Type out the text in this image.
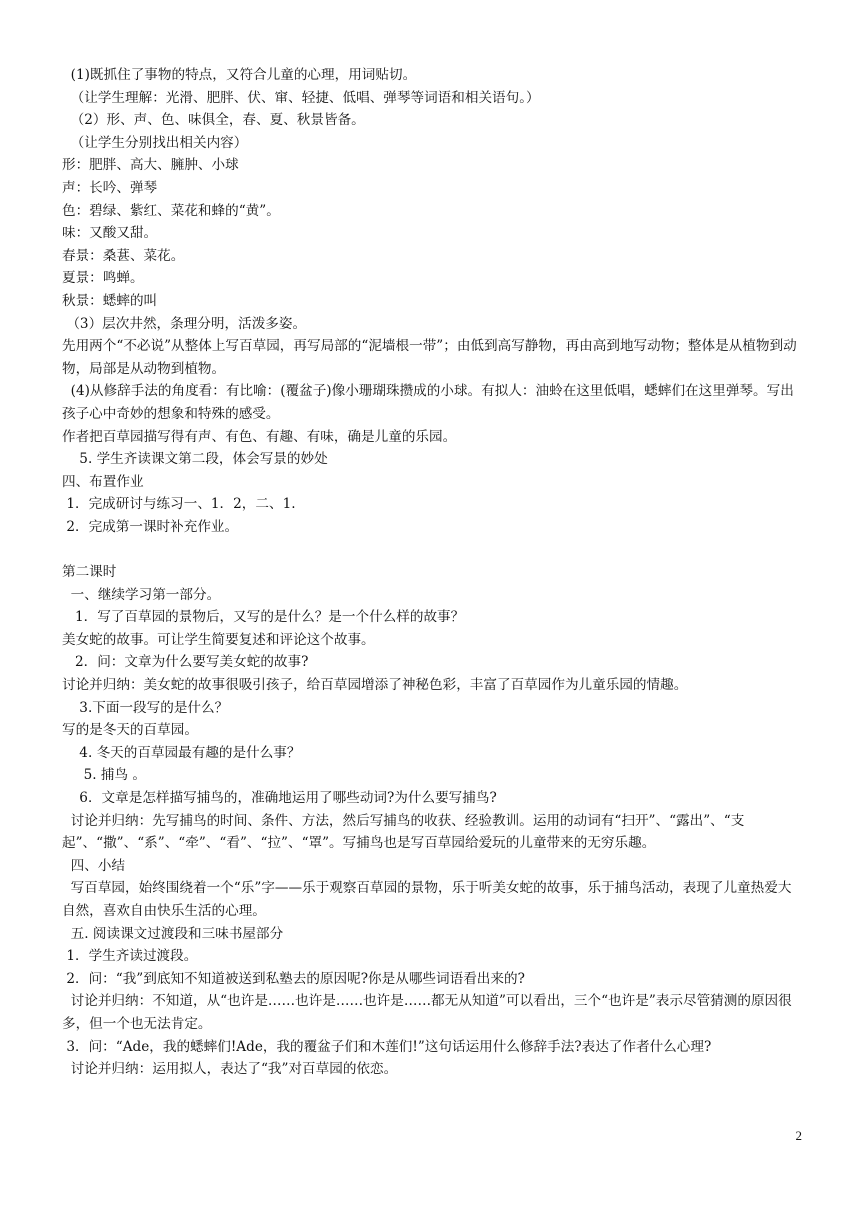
(1)既抓住了事物的特点，又符合儿童的心理，用词贴切。
（让学生理解：光滑、肥胖、伏、窜、轻捷、低唱、弹琴等词语和相关语句。）
（2）形、声、色、味俱全，春、夏、秋景皆备。
（让学生分别找出相关内容）
形：肥胖、高大、臃肿、小球
声：长吟、弹琴
色：碧绿、紫红、菜花和蜂的“黄”。
味：又酸又甜。
春景：桑葚、菜花。
夏景：鸣蝉。
秋景：蟋蟀的叫
（3）层次井然，条理分明，活泼多姿。
先用两个“不必说”从整体上写百草园，再写局部的“泥墙根一带”；由低到高写静物，再由高到地写动物；整体是从植物到动物，局部是从动物到植物。
(4)从修辞手法的角度看：有比喻：(覆盆子)像小珊瑚珠攒成的小球。有拟人：油蛉在这里低唱，蟋蟀们在这里弹琴。写出孩子心中奇妙的想象和特殊的感受。
作者把百草园描写得有声、有色、有趣、有味，确是儿童的乐园。
5. 学生齐读课文第二段，体会写景的妙处
四、布置作业
1．完成研讨与练习一、1．2，二、1.
2．完成第一课时补充作业。
第二课时
一、继续学习第一部分。
1．写了百草园的景物后，又写的是什么？是一个什么样的故事？
美女蛇的故事。可让学生简要复述和评论这个故事。
2．问：文章为什么要写美女蛇的故事?
讨论并归纳：美女蛇的故事很吸引孩子，给百草园增添了神秘色彩，丰富了百草园作为儿童乐园的情趣。
3.下面一段写的是什么？
写的是冬天的百草园。
4. 冬天的百草园最有趣的是什么事？
5. 捕鸟 。
6．文章是怎样描写捕鸟的，准确地运用了哪些动词?为什么要写捕鸟?
讨论并归纳：先写捕鸟的时间、条件、方法，然后写捕鸟的收获、经验教训。运用的动词有“扫开”、“露出”、“支起”、“撒”、“系”、“牵”、“看”、“拉”、“罩”。写捕鸟也是写百草园给爱玩的儿童带来的无穷乐趣。
四、小结
写百草园，始终围绕着一个“乐”字——乐于观察百草园的景物，乐于听美女蛇的故事，乐于捕鸟活动，表现了儿童热爱大自然，喜欢自由快乐生活的心理。
五. 阅读课文过渡段和三味书屋部分
1．学生齐读过渡段。
2．问：“我”到底知不知道被送到私塾去的原因呢?你是从哪些词语看出来的?
讨论并归纳：不知道，从“也许是……也许是……也许是……都无从知道”可以看出，三个“也许是”表示尽管猜测的原因很多，但一个也无法肯定。
3．问：“Ade，我的蟋蟀们!Ade，我的覆盆子们和木莲们!”这句话运用什么修辞手法?表达了作者什么心理?
讨论并归纳：运用拟人，表达了“我”对百草园的依恋。
2
